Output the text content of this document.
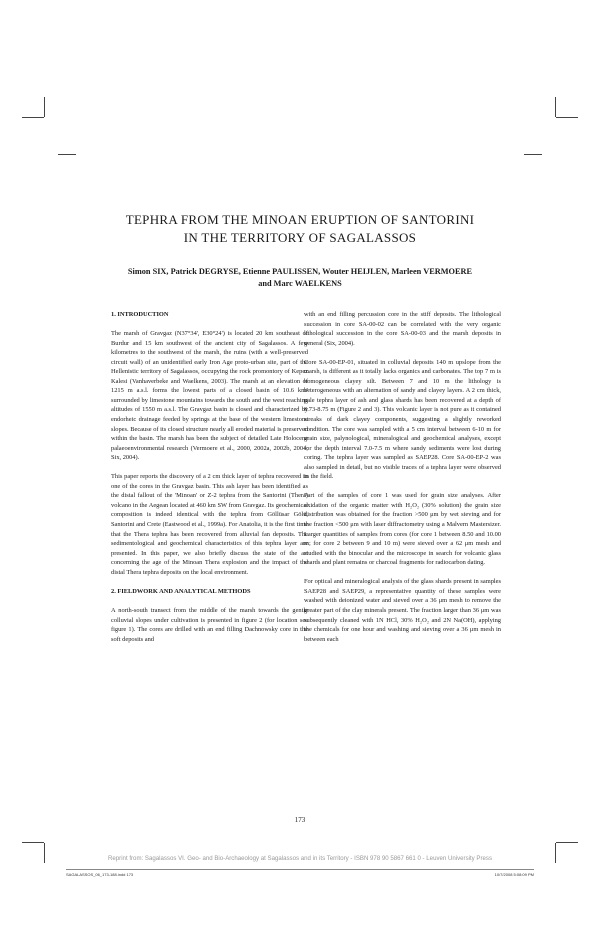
TEPHRA FROM THE MINOAN ERUPTION OF SANTORINI
IN THE TERRITORY OF SAGALASSOS
Simon SIX, Patrick DEGRYSE, Etienne PAULISSEN, Wouter HEIJLEN, Marleen VERMOERE
and Marc WAELKENS
1. INTRODUCTION

The marsh of Gravgaz (N37°34', E30°24') is located 20 km southeast of Burdur and 15 km southwest of the ancient city of Sagalassos. A few kilometres to the southwest of the marsh, the ruins (with a well-preserved circuit wall) of an unidentified early Iron Age proto-urban site, part of the Hellenistic territory of Sagalassos, occupying the rock promontory of Kepez Kalesi (Vanhaverbeke and Waelkens, 2003). The marsh at an elevation of 1215 m a.s.l. forms the lowest parts of a closed basin of 10.6 km² surrounded by limestone mountains towards the south and the west reaching altitudes of 1550 m a.s.l. The Gravgaz basin is closed and characterized by endorheic drainage feeded by springs at the base of the western limestone slopes. Because of its closed structure nearly all eroded material is preserved within the basin. The marsh has been the subject of detailed Late Holocene palaeoenvironmental research (Vermoere et al., 2000, 2002a, 2002b, 2004; Six, 2004).

This paper reports the discovery of a 2 cm thick layer of tephra recovered in one of the cores in the Gravgaz basin. This ash layer has been identified as the distal fallout of the 'Minoan' or Z-2 tephra from the Santorini (Thera) volcano in the Aegean located at 460 km SW from Gravgaz. Its geochemical composition is indeed identical with the tephra from Göllüsar Gölü, Santorini and Crete (Eastwood et al., 1999a). For Anatolia, it is the first time that the Thera tephra has been recovered from alluvial fan deposits. The sedimentological and geochemical characteristics of this tephra layer are presented. In this paper, we also briefly discuss the state of the art concerning the age of the Minoan Thera explosion and the impact of the distal Thera tephra deposits on the local environment.

2. FIELDWORK AND ANALYTICAL METHODS

A north-south transect from the middle of the marsh towards the gentle colluvial slopes under cultivation is presented in figure 2 (for location see figure 1). The cores are drilled with an end filling Dachnowsky core in the soft deposits and

with an end filling percussion core in the stiff deposits. The lithological succession in core SA-00-02 can be correlated with the very organic lithological succession in the core SA-00-03 and the marsh deposits in general (Six, 2004).

Core SA-00-EP-01, situated in colluvial deposits 140 m upslope from the marsh, is different as it totally lacks organics and carbonates. The top 7 m is homogeneous clayey silt. Between 7 and 10 m the lithology is heterogeneous with an alternation of sandy and clayey layers. A 2 cm thick, pale tephra layer of ash and glass shards has been recovered at a depth of 8.73-8.75 m (Figure 2 and 3). This volcanic layer is not pure as it contained streaks of dark clayey components, suggesting a slightly reworked condition. The core was sampled with a 5 cm interval between 6-10 m for grain size, palynological, mineralogical and geochemical analyses, except for the depth interval 7.0-7.5 m where sandy sediments were lost during coring. The tephra layer was sampled as SAEP28. Core SA-00-EP-2 was also sampled in detail, but no visible traces of a tephra layer were observed in the field.

Part of the samples of core 1 was used for grain size analyses. After oxidation of the organic matter with H₂O₂ (30% solution) the grain size distribution was obtained for the fraction >500 μm by wet sieving and for the fraction <500 μm with laser diffractometry using a Malvern Mastersizer. Larger quantities of samples from cores (for core 1 between 8.50 and 10.00 m; for core 2 between 9 and 10 m) were sieved over a 62 μm mesh and studied with the binocular and the microscope in search for volcanic glass shards and plant remains or charcoal fragments for radiocarbon dating.

For optical and mineralogical analysis of the glass shards present in samples SAEP28 and SAEP29, a representative quantity of these samples were washed with deionized water and sieved over a 36 μm mesh to remove the greater part of the clay minerals present. The fraction larger than 36 μm was subsequently cleaned with 1N HCl, 30% H₂O₂ and 2N Na(OH), applying the chemicals for one hour and washing and sieving over a 36 μm mesh in between each

173
Reprint from: Sagalassos VI. Geo- and Bio-Archaeology at Sagalassos and in its Territory - ISBN 978 90 5867 661 0 - Leuven University Press
SAGALASSOS_06_173-188.indd 173	10/7/2008 5:08:09 PM
